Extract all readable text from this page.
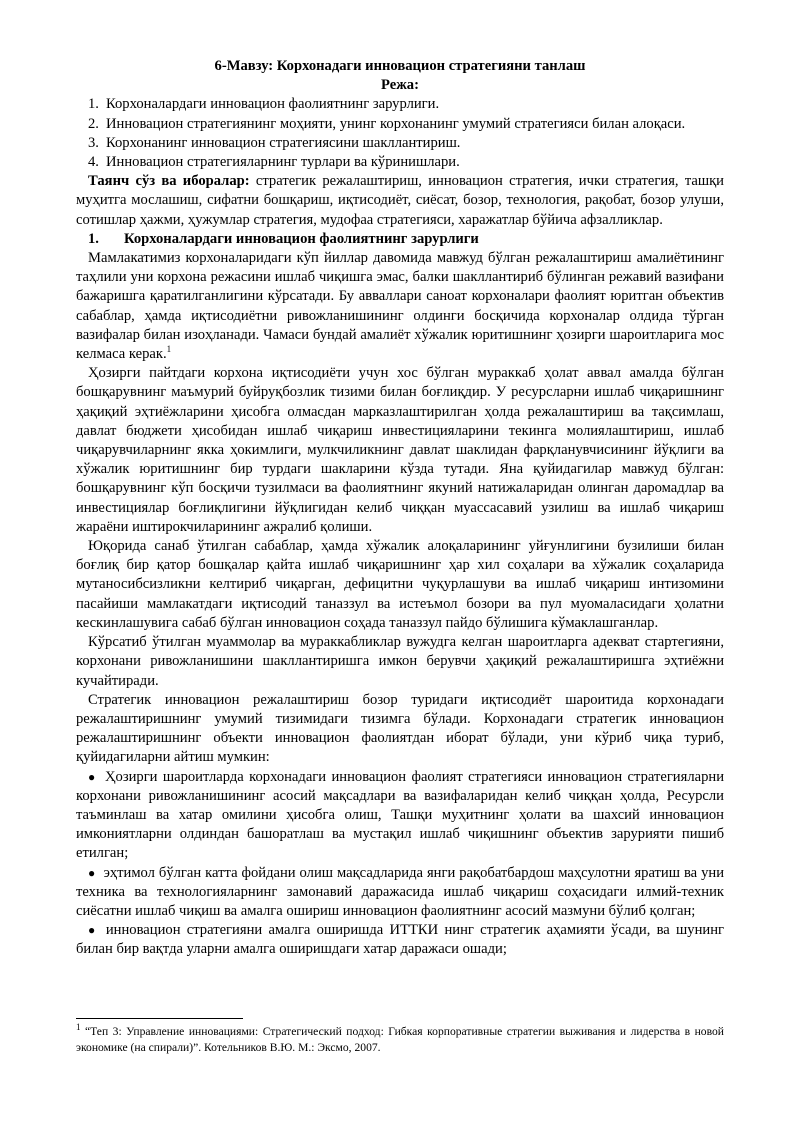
6-Мавзу: Корхонадаги инновацион стратегияни танлаш

Режа:

1. Корхоналардаги инновацион фаолиятнинг зарурлиги.

2. Инновацион стратегиянинг моҳияти, унинг корхонанинг умумий стратегияси билан алоқаси.

3. Корхонанинг инновацион стратегиясини шакллантириш.

4. Инновацион стратегияларнинг турлари ва кўринишлари.

Таянч сўз ва иборалар: стратегик режалаштириш, инновацион стратегия, ички стратегия, ташқи муҳитга мослашиш, сифатни бошқариш, иқтисодиёт, сиёсат, бозор, технология, рақобат, бозор улуши, сотишлар ҳажми, ҳужумлар стратегия, мудофаа стратегияси, харажатлар бўйича афзалликлар.

1. Корхоналардаги инновацион фаолиятнинг зарурлиги

Мамлакатимиз корхоналаридаги кўп йиллар давомида мавжуд бўлган режалаштириш амалиётининг таҳлили уни корхона режасини ишлаб чиқишга эмас, балки шакллантириб бўлинган режавий вазифани бажаришга қаратилганлигини кўрсатади. Бу авваллари саноат корхоналари фаолият юритган объектив сабаблар, ҳамда иқтисодиётни ривожланишининг олдинги босқичида корхоналар олдида тўрган вазифалар билан изоҳланади. Чамаси бундай амалиёт хўжалик юритишнинг ҳозирги шароитларига мос келмаса керак.$^1$

Ҳозирги пайтдаги корхона иқтисодиёти учун хос бўлган мураккаб ҳолат аввал амалда бўлган бошқарувнинг маъмурий буйруқбозлик тизими билан боғлиқдир. У ресурсларни ишлаб чиқаришнинг ҳақиқий эҳтиёжларини ҳисобга олмасдан марказлаштирилган ҳолда режалаштириш ва тақсимлаш, давлат бюджети ҳисобидан ишлаб чиқариш инвестицияларини текинга молиялаштириш, ишлаб чиқарувчиларнинг якка ҳокимлиги, мулкчиликнинг давлат шаклидан фарқланувчисининг йўқлиги ва хўжалик юритишнинг бир турдаги шакларини кўзда тутади. Яна қуйидагилар мавжуд бўлган: бошқарувнинг кўп босқичи тузилмаси ва фаолиятнинг якуний натижаларидан олинган даромадлар ва инвестициялар боғлиқлигини йўқлигидан келиб чиққан муассасавий узилиш ва ишлаб чиқариш жараёни иштирокчиларининг ажралиб қолиши.

Юқорида санаб ўтилган сабаблар, ҳамда хўжалик алоқаларининг уйғунлигини бузилиши билан боғлиқ бир қатор бошқалар қайта ишлаб чиқаришнинг ҳар хил соҳалари ва хўжалик соҳаларида мутаносибсизликни келтириб чиқарган, дефицитни чуқурлашуви ва ишлаб чиқариш интизомини пасайиши мамлакатдаги иқтисодий таназзул ва истеъмол бозори ва пул муомаласидаги ҳолатни кескинлашувига сабаб бўлган инновацион соҳада таназзул пайдо бўлишига кўмаклашганлар.

Кўрсатиб ўтилган муаммолар ва мураккабликлар вужудга келган шароитларга адекват стартегияни, корхонани ривожланишини шакллантиришга имкон берувчи ҳақиқий режалаштиришга эҳтиёжни кучайтиради.

Стратегик инновацион режалаштириш бозор туридаги иқтисодиёт шароитида корхонадаги режалаштиришнинг умумий тизимидаги тизимга бўлади. Корхонадаги стратегик инновацион режалаштиришнинг объекти инновацион фаолиятдан иборат бўлади, уни кўриб чиқа туриб, қуйидагиларни айтиш мумкин:

● Ҳозирги шароитларда корхонадаги инновацион фаолият стратегияси инновацион стратегияларни корхонани ривожланишининг асосий мақсадлари ва вазифаларидан келиб чиққан ҳолда, Ресурсли таъминлаш ва хатар омилини ҳисобга олиш, Ташқи муҳитнинг ҳолати ва шахсий инновацион имкониятларни олдиндан башоратлаш ва мустақил ишлаб чиқишнинг объектив зарурияти пишиб етилган;

● эҳтимол бўлган катта фойдани олиш мақсадларида янги рақобатбардош маҳсулотни яратиш ва уни техника ва технологияларнинг замонавий даражасида ишлаб чиқариш соҳасидаги илмий-техник сиёсатни ишлаб чиқиш ва амалга ошириш инновацион фаолиятнинг асосий мазмуни бўлиб қолган;

● инновацион стратегияни амалга оширишда ИТТКИ нинг стратегик аҳамияти ўсади, ва шунинг билан бир вақтда уларни амалга оширишдаги хатар даражаси ошади;

$^1$ “Теп 3: Управление инновациями: Стратегический подход: Гибкая корпоративные стратегии выживания и лидерства в новой экономике (на спирали)”. Котельников В.Ю. М.: Эксмо, 2007.
